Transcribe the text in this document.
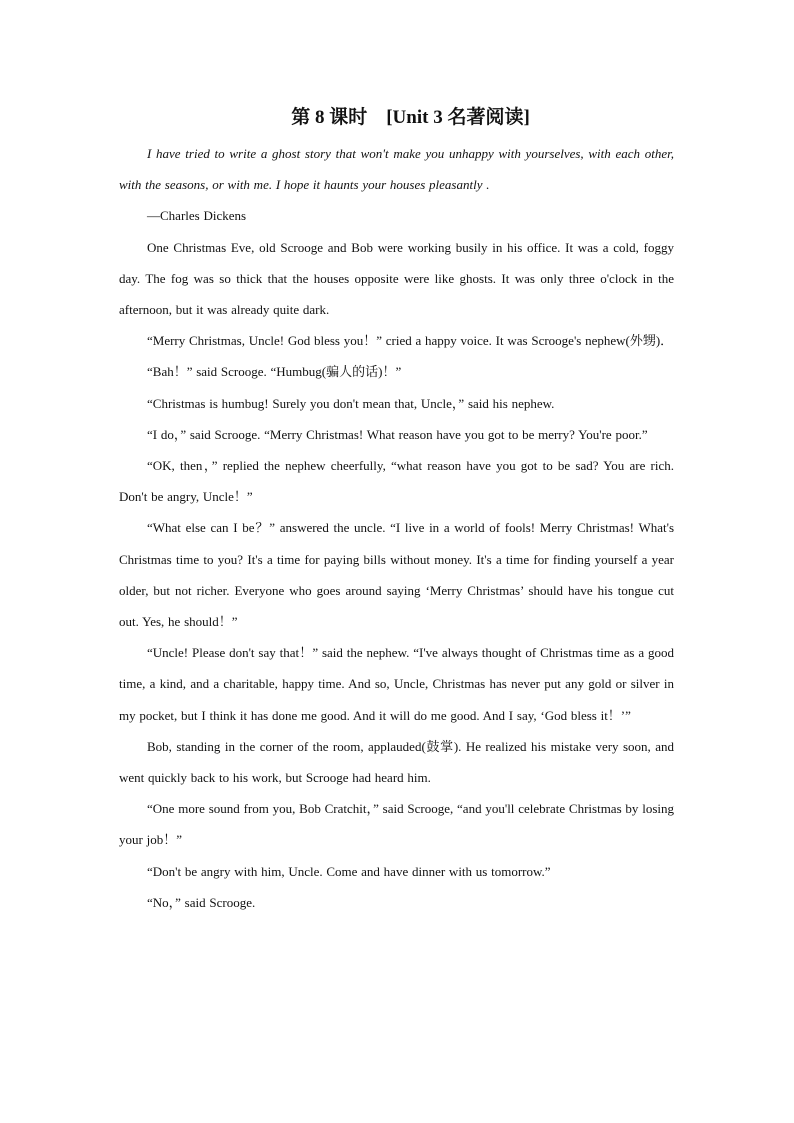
第 8 课时　[Unit 3 名著阅读]

I have tried to write a ghost story that won't make you unhappy with yourselves, with each other, with the seasons, or with me. I hope it haunts your houses pleasantly .

—Charles Dickens

One Christmas Eve, old Scrooge and Bob were working busily in his office. It was a cold, foggy day. The fog was so thick that the houses opposite were like ghosts. It was only three o'clock in the afternoon, but it was already quite dark.

“Merry Christmas, Uncle! God bless you！” cried a happy voice. It was Scrooge's nephew(外甥)．

“Bah！” said Scrooge. “Humbug(骗人的话)！”

“Christmas is humbug! Surely you don't mean that, Uncle，” said his nephew.

“I do，” said Scrooge. “Merry Christmas! What reason have you got to be merry? You're poor.”

“OK, then，” replied the nephew cheerfully, “what reason have you got to be sad? You are rich. Don't be angry, Uncle！”

“What else can I be？” answered the uncle. “I live in a world of fools! Merry Christmas! What's Christmas time to you? It's a time for paying bills without money. It's a time for finding yourself a year older, but not richer. Everyone who goes around saying ‘Merry Christmas’ should have his tongue cut out. Yes, he should！”

“Uncle! Please don't say that！” said the nephew. “I've always thought of Christmas time as a good time, a kind, and a charitable, happy time. And so, Uncle, Christmas has never put any gold or silver in my pocket, but I think it has done me good. And it will do me good. And I say, ‘God bless it！’”

Bob, standing in the corner of the room, applauded(鼓掌). He realized his mistake very soon, and went quickly back to his work, but Scrooge had heard him.

“One more sound from you, Bob Cratchit，” said Scrooge, “and you'll celebrate Christmas by losing your job！”

“Don't be angry with him, Uncle. Come and have dinner with us tomorrow.”

“No，” said Scrooge.
